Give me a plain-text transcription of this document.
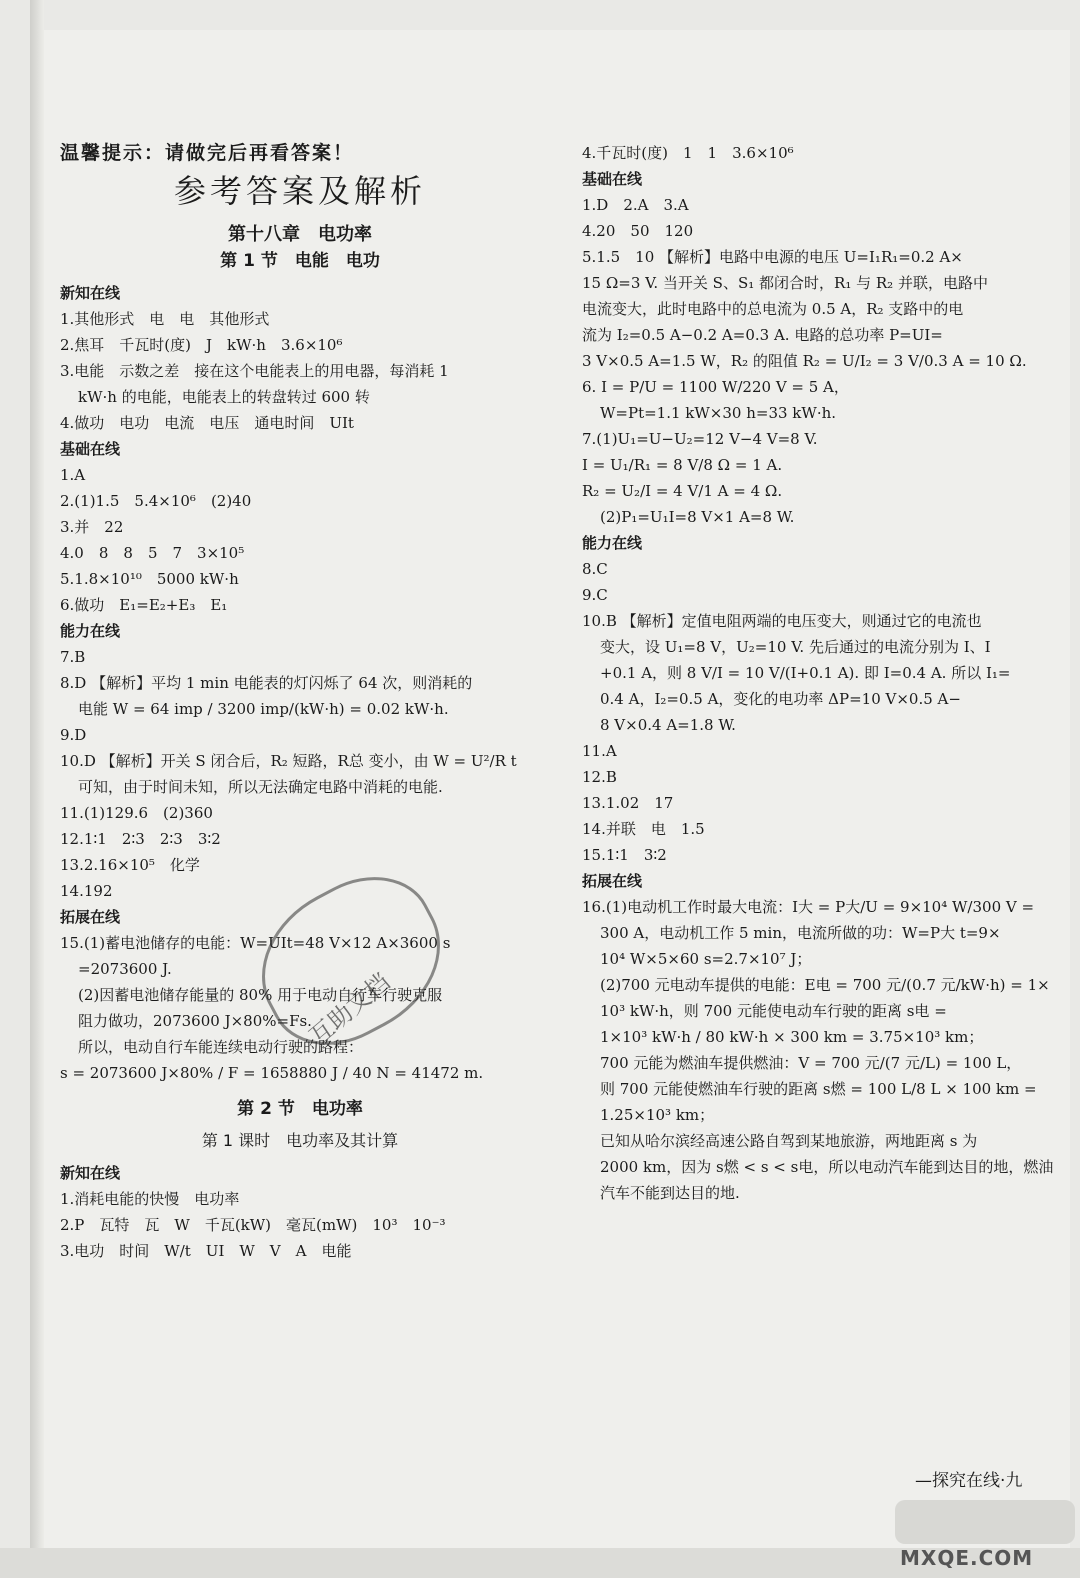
温馨提示：请做完后再看答案！

参考答案及解析

第十八章　电功率

第 1 节　电能　电功

新知在线

1.其他形式　电　电　其他形式

2.焦耳　千瓦时(度)　J　kW·h　3.6×10⁶

3.电能　示数之差　接在这个电能表上的用电器，每消耗 1

kW·h 的电能，电能表上的转盘转过 600 转

4.做功　电功　电流　电压　通电时间　UIt

基础在线

1.A

2.(1)1.5　5.4×10⁶　(2)40

3.并　22

4.0　8　8　5　7　3×10⁵

5.1.8×10¹⁰　5000 kW·h

6.做功　E₁=E₂+E₃　E₁

能力在线

7.B

8.D 【解析】平均 1 min 电能表的灯闪烁了 64 次，则消耗的

电能 W = 64 imp / 3200 imp/(kW·h) = 0.02 kW·h.

9.D

10.D 【解析】开关 S 闭合后，R₂ 短路，R总 变小，由 W = U²/R t

可知，由于时间未知，所以无法确定电路中消耗的电能.

11.(1)129.6　(2)360

12.1∶1　2∶3　2∶3　3∶2

13.2.16×10⁵　化学

14.192

拓展在线

15.(1)蓄电池储存的电能：W=UIt=48 V×12 A×3600 s

=2073600 J.

(2)因蓄电池储存能量的 80% 用于电动自行车行驶克服

阻力做功，2073600 J×80%=Fs.

所以，电动自行车能连续电动行驶的路程：

s = 2073600 J×80% / F = 1658880 J / 40 N = 41472 m.

第 2 节　电功率

第 1 课时　电功率及其计算

新知在线

1.消耗电能的快慢　电功率

2.P　瓦特　瓦　W　千瓦(kW)　毫瓦(mW)　10³　10⁻³

3.电功　时间　W/t　UI　W　V　A　电能

4.千瓦时(度)　1　1　3.6×10⁶

基础在线

1.D　2.A　3.A

4.20　50　120

5.1.5　10 【解析】电路中电源的电压 U=I₁R₁=0.2 A×

15 Ω=3 V. 当开关 S、S₁ 都闭合时，R₁ 与 R₂ 并联，电路中

电流变大，此时电路中的总电流为 0.5 A，R₂ 支路中的电

流为 I₂=0.5 A−0.2 A=0.3 A. 电路的总功率 P=UI=

3 V×0.5 A=1.5 W，R₂ 的阻值 R₂ = U/I₂ = 3 V/0.3 A = 10 Ω.

6. I = P/U = 1100 W/220 V = 5 A，

W=Pt=1.1 kW×30 h=33 kW·h.

7.(1)U₁=U−U₂=12 V−4 V=8 V.

I = U₁/R₁ = 8 V/8 Ω = 1 A.

R₂ = U₂/I = 4 V/1 A = 4 Ω.

(2)P₁=U₁I=8 V×1 A=8 W.

能力在线

8.C

9.C

10.B 【解析】定值电阻两端的电压变大，则通过它的电流也

变大，设 U₁=8 V，U₂=10 V. 先后通过的电流分别为 I、I

+0.1 A，则 8 V/I = 10 V/(I+0.1 A). 即 I=0.4 A. 所以 I₁=

0.4 A，I₂=0.5 A，变化的电功率 ΔP=10 V×0.5 A−

8 V×0.4 A=1.8 W.

11.A

12.B

13.1.02　17

14.并联　电　1.5

15.1∶1　3∶2

拓展在线

16.(1)电动机工作时最大电流：I大 = P大/U = 9×10⁴ W/300 V =

300 A，电动机工作 5 min，电流所做的功：W=P大 t=9×

10⁴ W×5×60 s=2.7×10⁷ J；

(2)700 元电动车提供的电能：E电 = 700 元/(0.7 元/kW·h) = 1×

10³ kW·h，则 700 元能使电动车行驶的距离 s电 =

1×10³ kW·h / 80 kW·h × 300 km = 3.75×10³ km；

700 元能为燃油车提供燃油：V = 700 元/(7 元/L) = 100 L，

则 700 元能使燃油车行驶的距离 s燃 = 100 L/8 L × 100 km =

1.25×10³ km；

已知从哈尔滨经高速公路自驾到某地旅游，两地距离 s 为

2000 km，因为 s燃 < s < s电，所以电动汽车能到达目的地，燃油

汽车不能到达目的地.

—探究在线·九
互助文档
MXQE.COM
